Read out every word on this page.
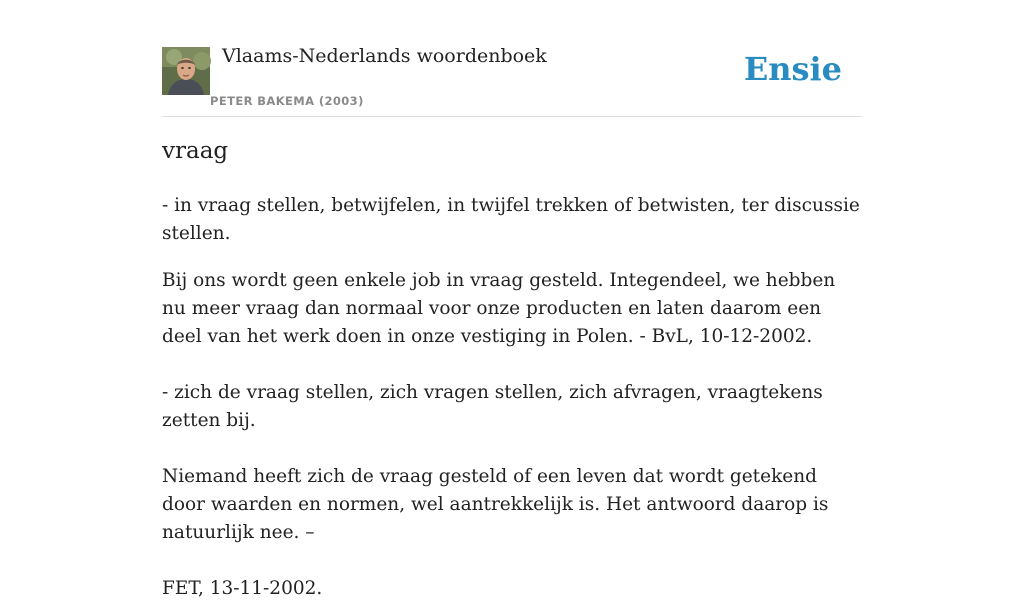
Vlaams-Nederlands woordenboek
PETER BAKEMA (2003)
Ensie
vraag

- in vraag stellen, betwijfelen, in twijfel trekken of betwisten, ter discussie stellen.

Bij ons wordt geen enkele job in vraag gesteld. Integendeel, we hebben nu meer vraag dan normaal voor onze producten en laten daarom een deel van het werk doen in onze vestiging in Polen. - BvL, 10-12-2002.

- zich de vraag stellen, zich vragen stellen, zich afvragen, vraagtekens zetten bij.

Niemand heeft zich de vraag gesteld of een leven dat wordt getekend door waarden en normen, wel aantrekkelijk is. Het antwoord daarop is natuurlijk nee. –

FET, 13-11-2002.
